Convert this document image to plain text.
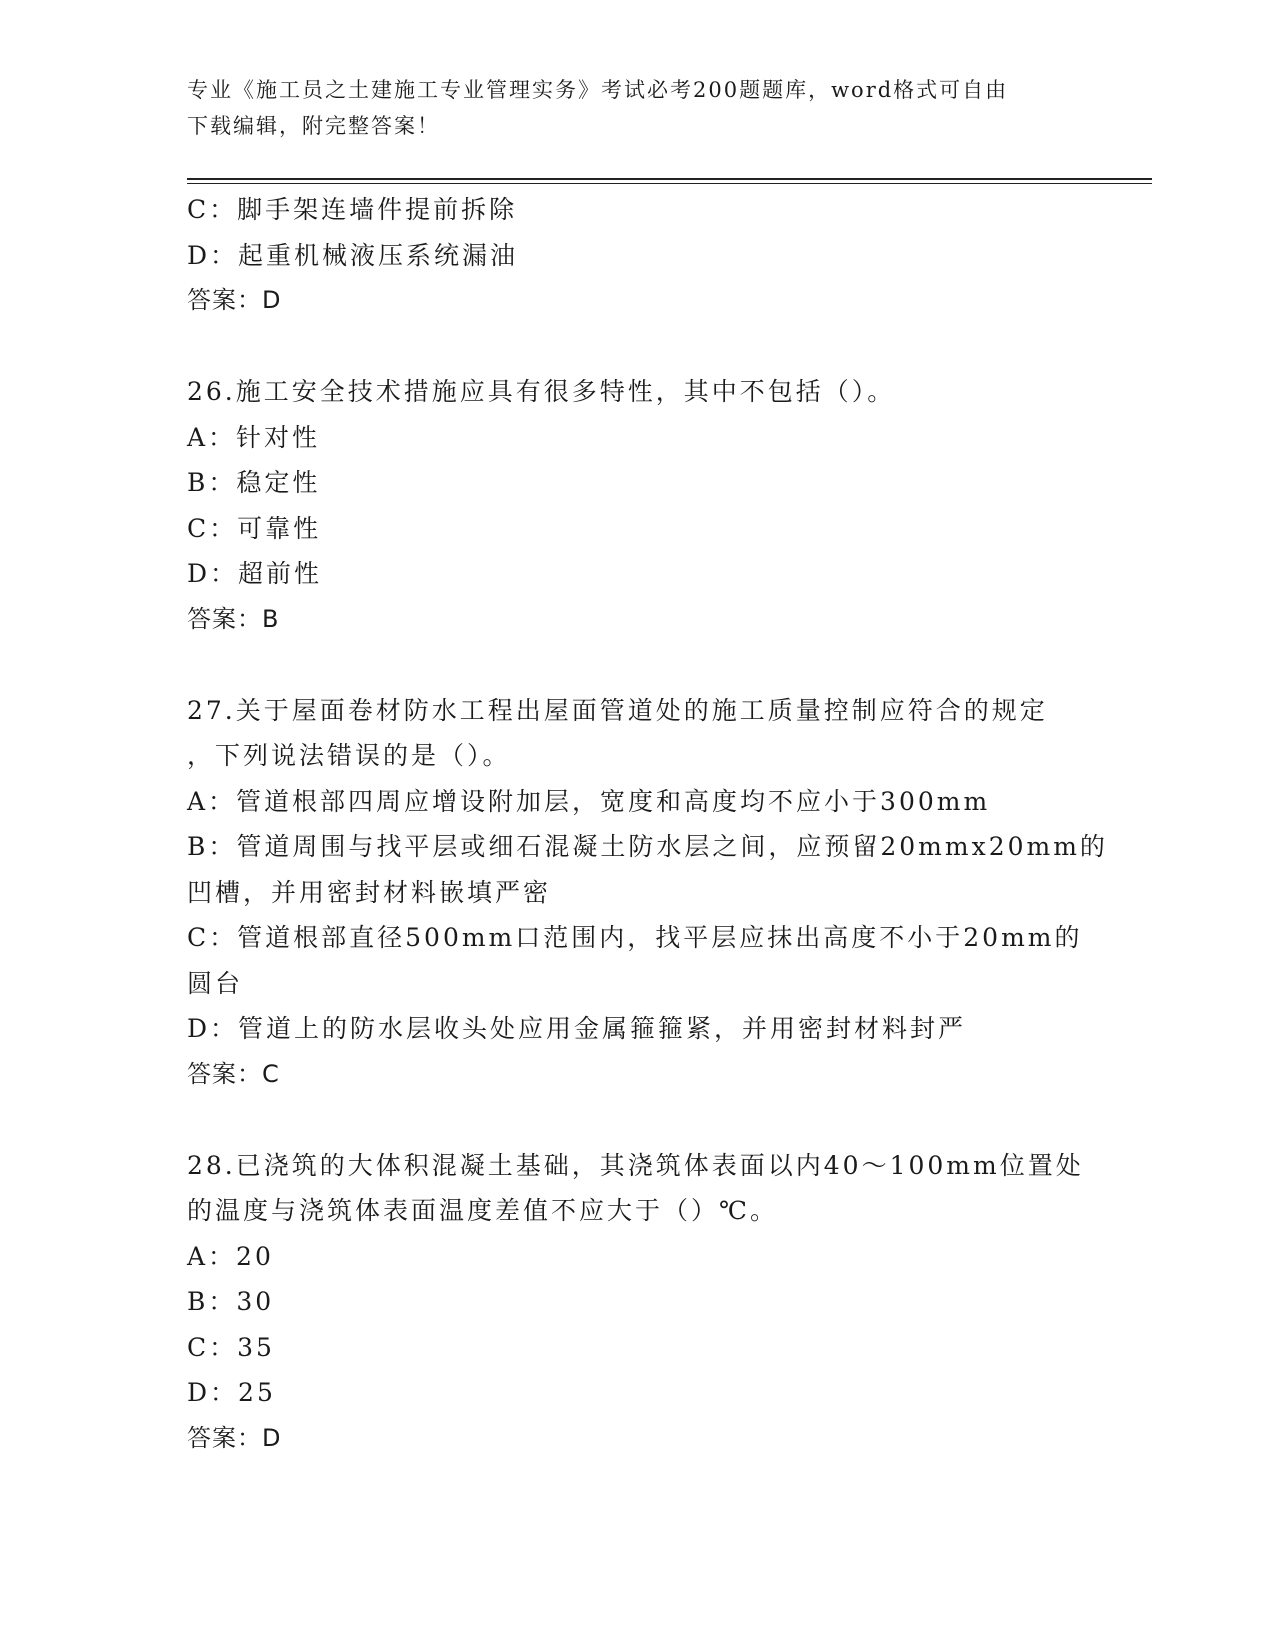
专业《施工员之土建施工专业管理实务》考试必考200题题库，word格式可自由
下载编辑，附完整答案！
C：脚手架连墙件提前拆除
D：起重机械液压系统漏油
答案：D
26.施工安全技术措施应具有很多特性，其中不包括（）。
A：针对性
B：稳定性
C：可靠性
D：超前性
答案：B
27.关于屋面卷材防水工程出屋面管道处的施工质量控制应符合的规定
，下列说法错误的是（）。
A：管道根部四周应增设附加层，宽度和高度均不应小于300mm
B：管道周围与找平层或细石混凝土防水层之间，应预留20mmx20mm的
凹槽，并用密封材料嵌填严密
C：管道根部直径500mm口范围内，找平层应抹出高度不小于20mm的
圆台
D：管道上的防水层收头处应用金属箍箍紧，并用密封材料封严
答案：C
28.已浇筑的大体积混凝土基础，其浇筑体表面以内40～100mm位置处
的温度与浇筑体表面温度差值不应大于（）℃。
A：20
B：30
C：35
D：25
答案：D
